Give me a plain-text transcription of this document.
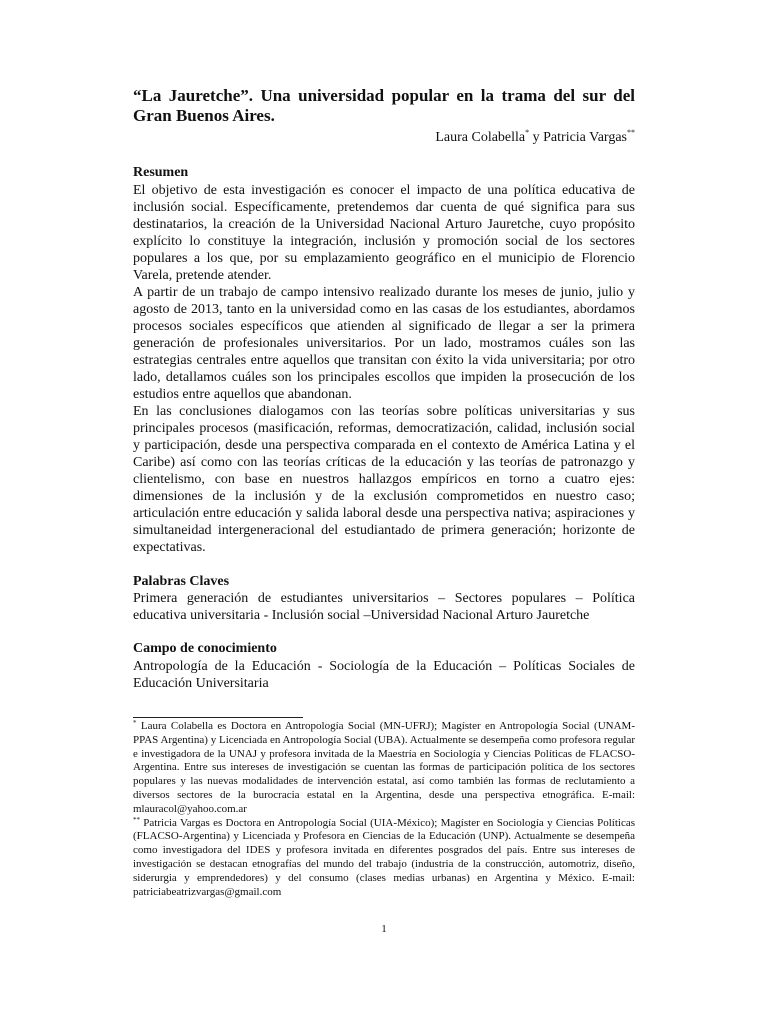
“La Jauretche”. Una universidad popular en la trama del sur del Gran Buenos Aires.

Laura Colabella* y Patricia Vargas**

Resumen

El objetivo de esta investigación es conocer el impacto de una política educativa de inclusión social. Específicamente, pretendemos dar cuenta de qué significa para sus destinatarios, la creación de la Universidad Nacional Arturo Jauretche, cuyo propósito explícito lo constituye la integración, inclusión y promoción social de los sectores populares a los que, por su emplazamiento geográfico en el municipio de Florencio Varela, pretende atender.

A partir de un trabajo de campo intensivo realizado durante los meses de junio, julio y agosto de 2013, tanto en la universidad como en las casas de los estudiantes, abordamos procesos sociales específicos que atienden al significado de llegar a ser la primera generación de profesionales universitarios. Por un lado, mostramos cuáles son las estrategias centrales entre aquellos que transitan con éxito la vida universitaria; por otro lado, detallamos cuáles son los principales escollos que impiden la prosecución de los estudios entre aquellos que abandonan.

En las conclusiones dialogamos con las teorías sobre políticas universitarias y sus principales procesos (masificación, reformas, democratización, calidad, inclusión social y participación, desde una perspectiva comparada en el contexto de América Latina y el Caribe) así como con las teorías críticas de la educación y las teorías de patronazgo y clientelismo, con base en nuestros hallazgos empíricos en torno a cuatro ejes: dimensiones de la inclusión y de la exclusión comprometidos en nuestro caso; articulación entre educación y salida laboral desde una perspectiva nativa; aspiraciones y simultaneidad intergeneracional del estudiantado de primera generación; horizonte de expectativas.

Palabras Claves

Primera generación de estudiantes universitarios – Sectores populares – Política educativa universitaria - Inclusión social –Universidad Nacional Arturo Jauretche

Campo de conocimiento

Antropología de la Educación - Sociología de la Educación – Políticas Sociales de Educación Universitaria

* Laura Colabella es Doctora en Antropología Social (MN-UFRJ); Magíster en Antropología Social (UNAM-PPAS Argentina) y Licenciada en Antropología Social (UBA). Actualmente se desempeña como profesora regular e investigadora de la UNAJ y profesora invitada de la Maestría en Sociología y Ciencias Políticas de FLACSO-Argentina. Entre sus intereses de investigación se cuentan las formas de participación política de los sectores populares y las nuevas modalidades de intervención estatal, así como también las formas de reclutamiento a diversos sectores de la burocracia estatal en la Argentina, desde una perspectiva etnográfica. E-mail: mlauracol@yahoo.com.ar

** Patricia Vargas es Doctora en Antropología Social (UIA-México); Magíster en Sociología y Ciencias Políticas (FLACSO-Argentina) y Licenciada y Profesora en Ciencias de la Educación (UNP). Actualmente se desempeña como investigadora del IDES y profesora invitada en diferentes posgrados del país. Entre sus intereses de investigación se destacan etnografías del mundo del trabajo (industria de la construcción, automotriz, diseño, siderurgia y emprendedores) y del consumo (clases medias urbanas) en Argentina y México. E-mail: patriciabeatrizvargas@gmail.com

1
